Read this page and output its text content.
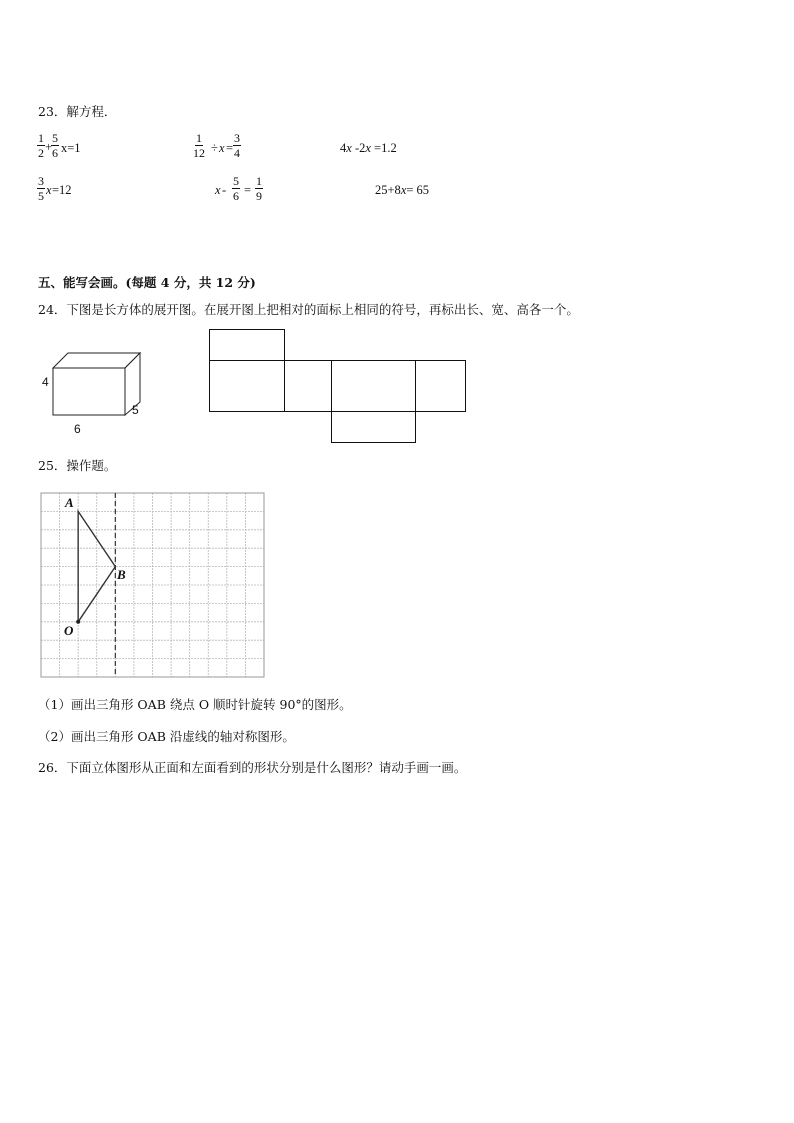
23．解方程．
$\frac{1}{2}$ +
$\frac{5}{6} x=1$	$\frac{1}{12} \div x = \frac{3}{4}$	4x -2x =1.2
$\frac{3}{5}$ x =12	$x - \frac{5}{6} = \frac{1}{9}$	25+8x= 65
五、能写会画。(每题 4 分，共 12 分)
24．下图是长方体的展开图。在展开图上把相对的面标上相同的符号，再标出长、宽、高各一个。
4
5
6
25．操作题。
A
B
O
（1）画出三角形 OAB 绕点 O 顺时针旋转 90°的图形。
（2）画出三角形 OAB 沿虚线的轴对称图形。
26．下面立体图形从正面和左面看到的形状分别是什么图形？请动手画一画。
